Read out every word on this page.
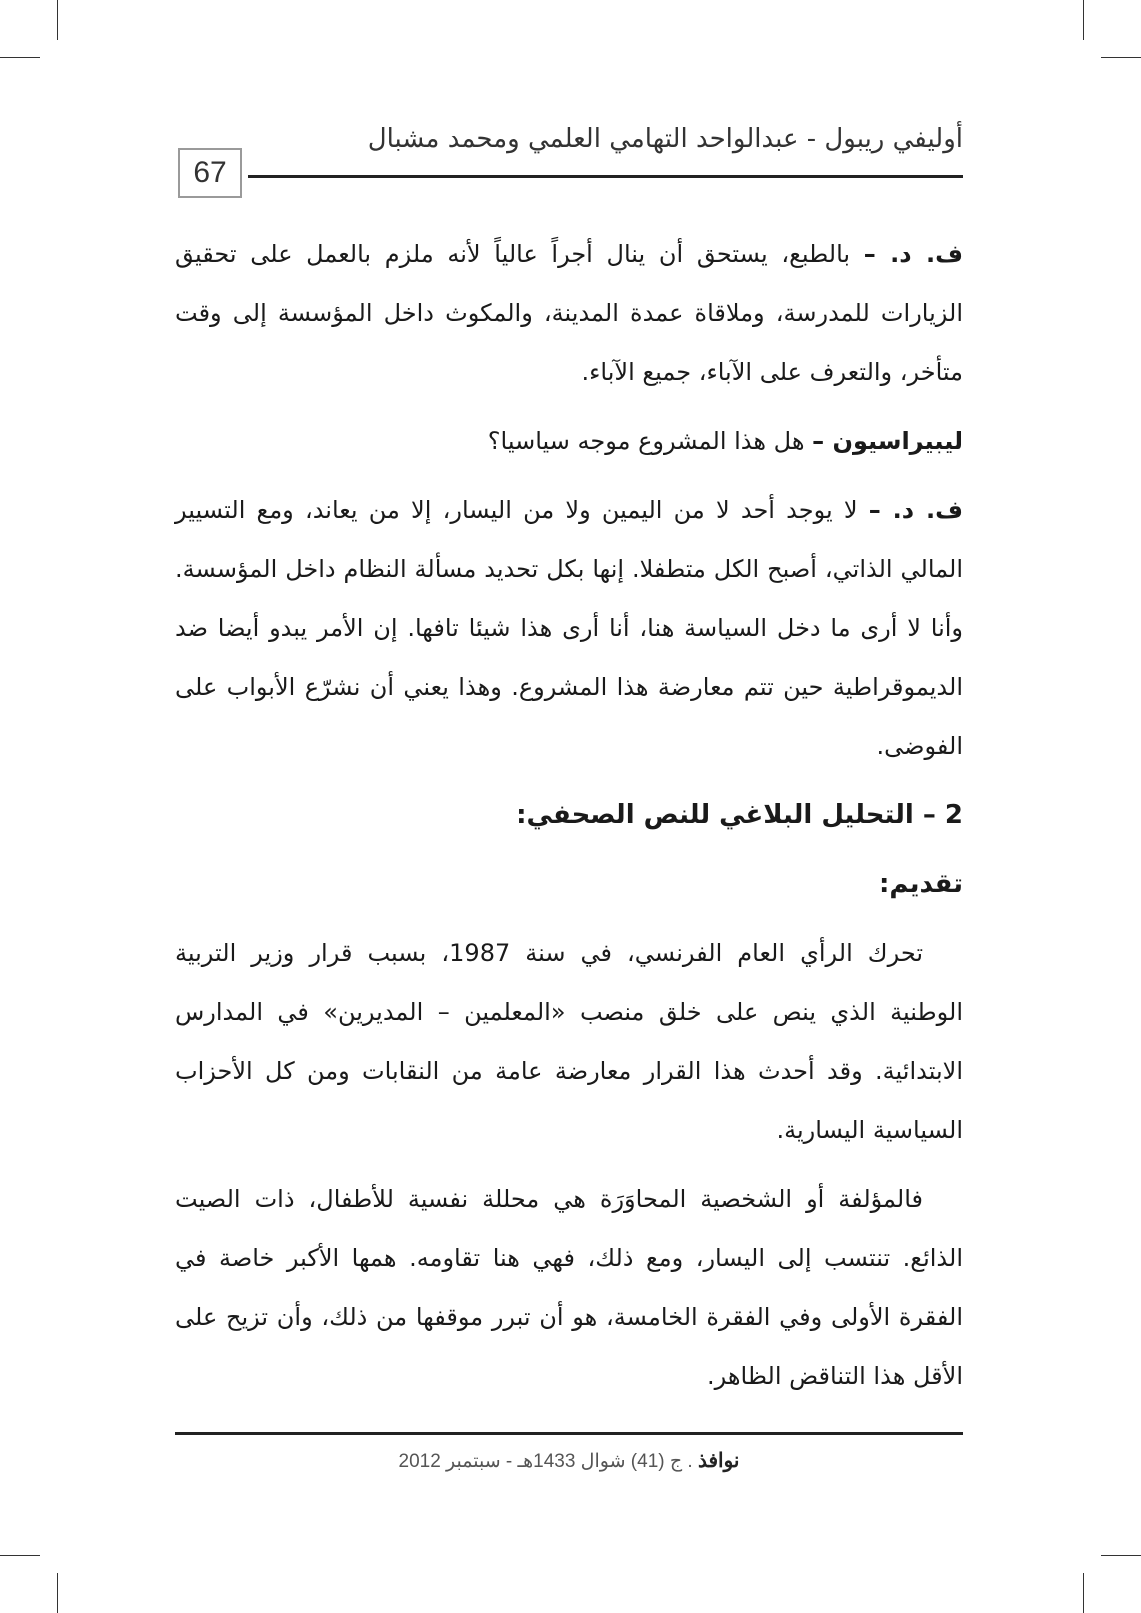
67
أوليفي ريبول - عبدالواحد التهامي العلمي ومحمد مشبال

ف. د. – بالطبع، يستحق أن ينال أجراً عالياً لأنه ملزم بالعمل على تحقيق الزيارات للمدرسة، وملاقاة عمدة المدينة، والمكوث داخل المؤسسة إلى وقت متأخر، والتعرف على الآباء، جميع الآباء.

ليبيراسيون – هل هذا المشروع موجه سياسيا؟

ف. د. – لا يوجد أحد لا من اليمين ولا من اليسار، إلا من يعاند، ومع التسيير المالي الذاتي، أصبح الكل متطفلا. إنها بكل تحديد مسألة النظام داخل المؤسسة. وأنا لا أرى ما دخل السياسة هنا، أنا أرى هذا شيئا تافها. إن الأمر يبدو أيضا ضد الديموقراطية حين تتم معارضة هذا المشروع. وهذا يعني أن نشرّع الأبواب على الفوضى.

2 – التحليل البلاغي للنص الصحفي:

تقديم:

تحرك الرأي العام الفرنسي، في سنة 1987، بسبب قرار وزير التربية الوطنية الذي ينص على خلق منصب «المعلمين – المديرين» في المدارس الابتدائية. وقد أحدث هذا القرار معارضة عامة من النقابات ومن كل الأحزاب السياسية اليسارية.

فالمؤلفة أو الشخصية المحاوَرَة هي محللة نفسية للأطفال، ذات الصيت الذائع. تنتسب إلى اليسار، ومع ذلك، فهي هنا تقاومه. همها الأكبر خاصة في الفقرة الأولى وفي الفقرة الخامسة، هو أن تبرر موقفها من ذلك، وأن تزيح على الأقل هذا التناقض الظاهر.

نوافذ . ج (41) شوال 1433هـ - سبتمبر 2012
